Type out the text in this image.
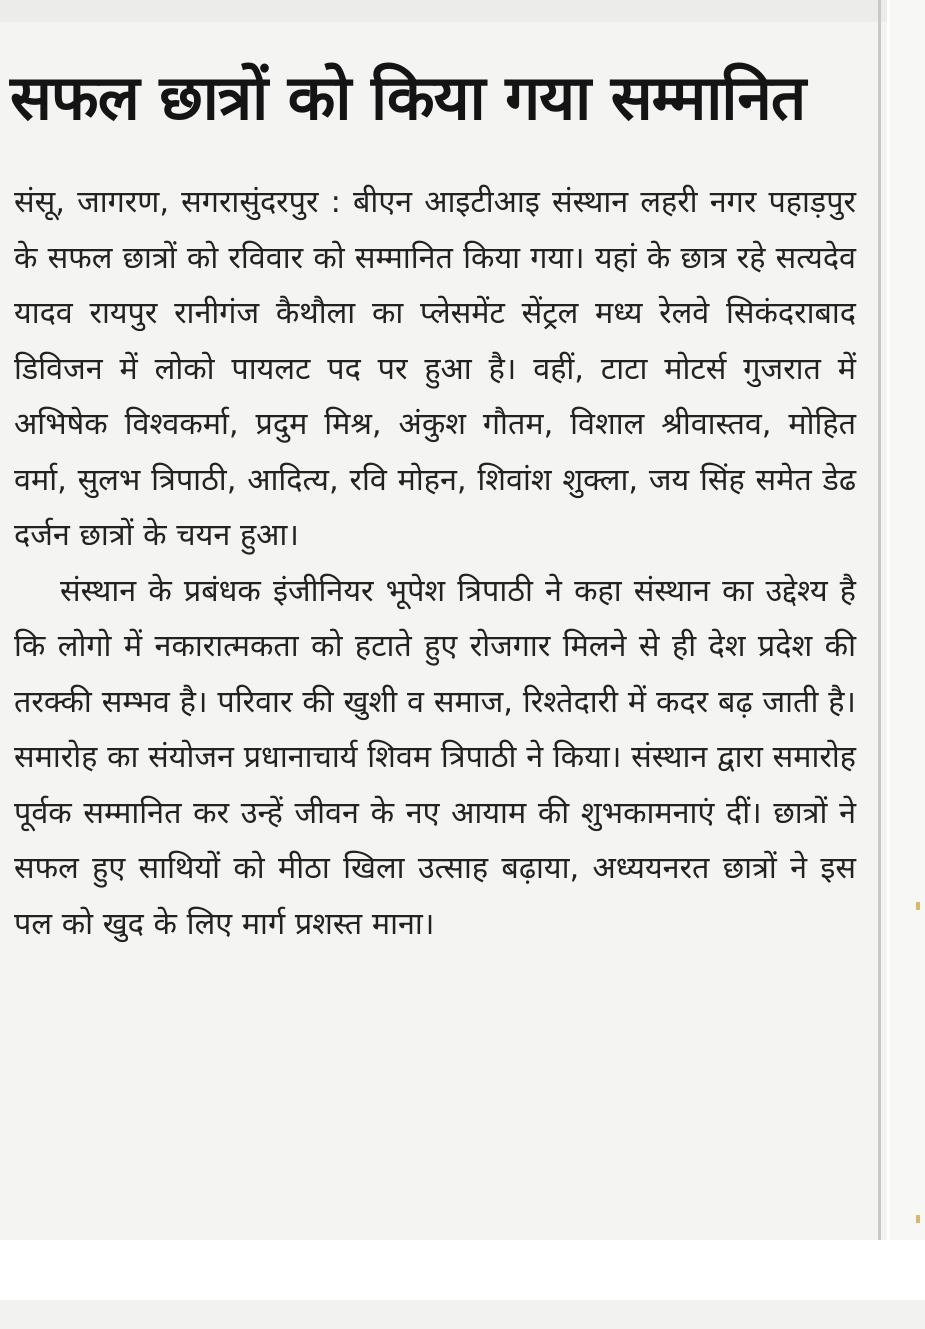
सफल छात्रों को किया गया सम्मानित

संसू, जागरण, सगरासुंदरपुर : बीएन आइटीआइ संस्थान लहरी नगर पहाड़पुर के सफल छात्रों को रविवार को सम्मानित किया गया। यहां के छात्र रहे सत्यदेव यादव रायपुर रानीगंज कैथौला का प्लेसमेंट सेंट्रल मध्य रेलवे सिकंदराबाद डिविजन में लोको पायलट पद पर हुआ है। वहीं, टाटा मोटर्स गुजरात में अभिषेक विश्वकर्मा, प्रदुम मिश्र, अंकुश गौतम, विशाल श्रीवास्तव, मोहित वर्मा, सुलभ त्रिपाठी, आदित्य, रवि मोहन, शिवांश शुक्ला, जय सिंह समेत डेढ दर्जन छात्रों के चयन हुआ।

संस्थान के प्रबंधक इंजीनियर भूपेश त्रिपाठी ने कहा संस्थान का उद्देश्य है कि लोगो में नकारात्मकता को हटाते हुए रोजगार मिलने से ही देश प्रदेश की तरक्की सम्भव है। परिवार की खुशी व समाज, रिश्तेदारी में कदर बढ़ जाती है। समारोह का संयोजन प्रधानाचार्य शिवम त्रिपाठी ने किया। संस्थान द्वारा समारोह पूर्वक सम्मानित कर उन्हें जीवन के नए आयाम की शुभकामनाएं दीं। छात्रों ने सफल हुए साथियों को मीठा खिला उत्साह बढ़ाया, अध्ययनरत छात्रों ने इस पल को खुद के लिए मार्ग प्रशस्त माना।
